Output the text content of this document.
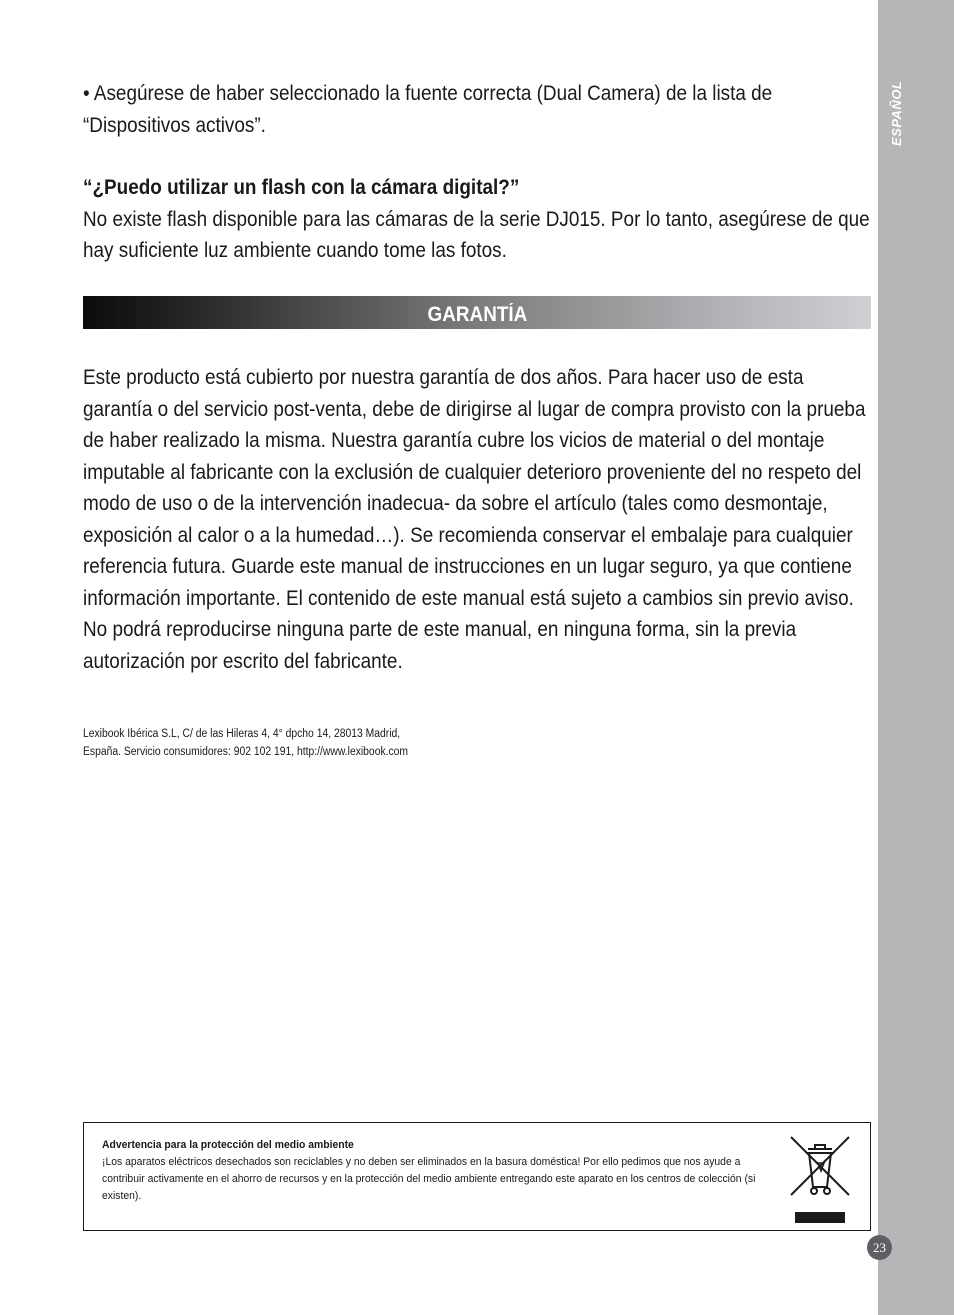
ESPAÑOL
• Asegúrese de haber seleccionado la fuente correcta (Dual Camera) de la lista de “Dispositivos activos”.
“¿Puedo utilizar un flash con la cámara digital?”
No existe flash disponible para las cámaras de la serie DJ015. Por lo tanto, asegúrese de que hay suficiente luz ambiente cuando tome las fotos.
GARANTÍA
Este producto está cubierto por nuestra garantía de dos años. Para hacer uso de esta garantía o del servicio post-venta, debe de dirigirse al lugar de compra provisto con la prueba de haber realizado la misma. Nuestra garantía cubre los vicios de material o del montaje imputable al fabricante con la exclusión de cualquier deterioro proveniente del no respeto del modo de uso o de la intervención inadecua- da sobre el artículo (tales como desmontaje, exposición al calor o a la humedad…). Se recomienda conservar el embalaje para cualquier referencia futura. Guarde este manual de instrucciones en un lugar seguro, ya que contiene información importante. El contenido de este manual está sujeto a cambios sin previo aviso. No podrá reproducirse ninguna parte de este manual, en ninguna forma, sin la previa autorización por escrito del fabricante.
Lexibook Ibérica S.L, C/ de las Hileras 4, 4° dpcho 14, 28013 Madrid,
España. Servicio consumidores: 902 102 191, http://www.lexibook.com
Advertencia para la protección del medio ambiente
¡Los aparatos eléctricos desechados son reciclables y no deben ser eliminados en la basura doméstica! Por ello pedimos que nos ayude a contribuir activamente en el ahorro de recursos y en la protección del medio ambiente entregando este aparato en los centros de colección (si existen).
23
